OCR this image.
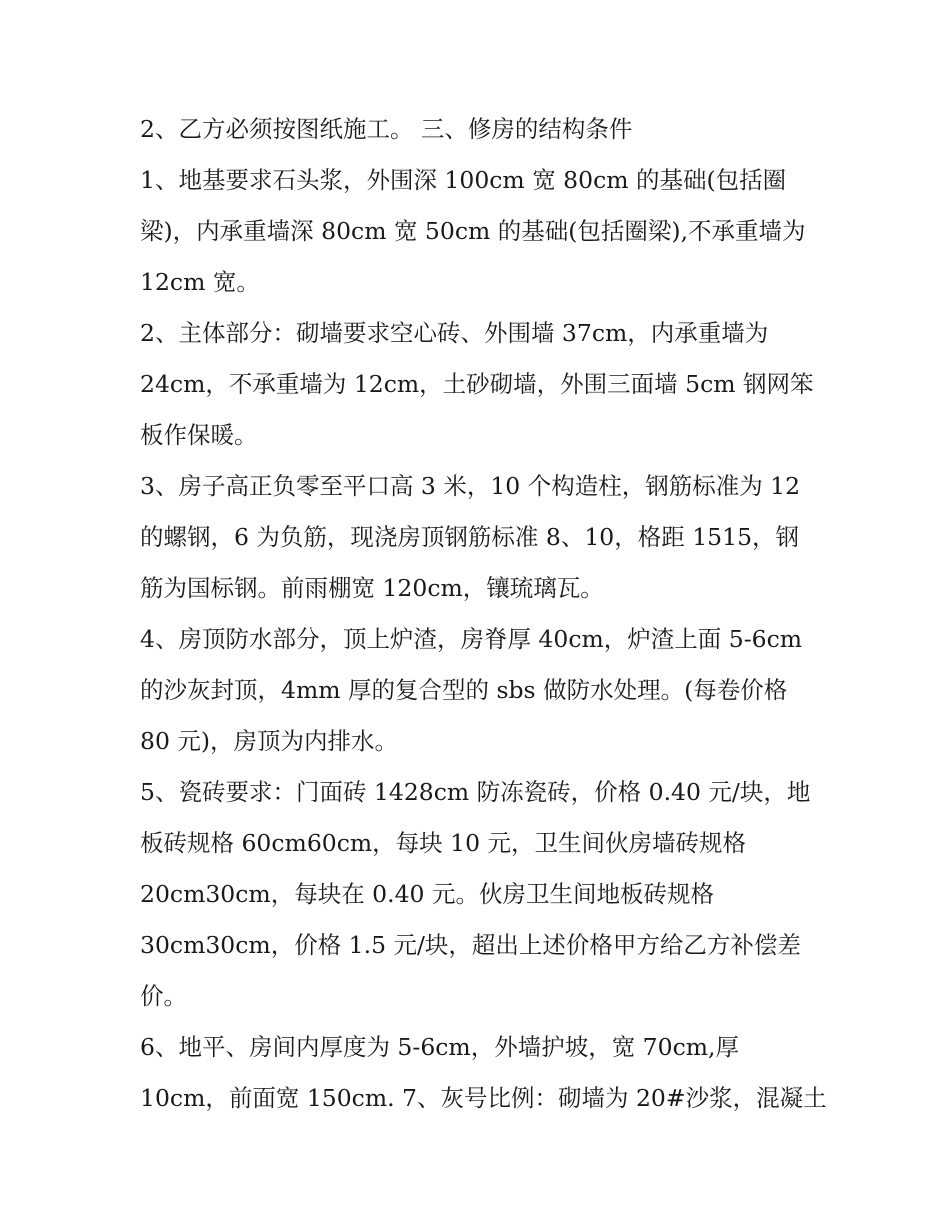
2、乙方必须按图纸施工。 三、修房的结构条件
1、地基要求石头浆，外围深 100cm 宽 80cm 的基础(包括圈
梁)，内承重墙深 80cm 宽 50cm 的基础(包括圈梁),不承重墙为
12cm 宽。
2、主体部分：砌墙要求空心砖、外围墙 37cm，内承重墙为
24cm，不承重墙为 12cm，土砂砌墙，外围三面墙 5cm 钢网笨
板作保暖。
3、房子高正负零至平口高 3 米，10 个构造柱，钢筋标准为 12
的螺钢，6 为负筋，现浇房顶钢筋标准 8、10，格距 1515，钢
筋为国标钢。前雨棚宽 120cm，镶琉璃瓦。
4、房顶防水部分，顶上炉渣，房脊厚 40cm，炉渣上面 5-6cm
的沙灰封顶，4mm 厚的复合型的 sbs 做防水处理。(每卷价格
80 元)，房顶为内排水。
5、瓷砖要求：门面砖 1428cm 防冻瓷砖，价格 0.40 元/块，地
板砖规格 60cm60cm，每块 10 元，卫生间伙房墙砖规格
20cm30cm，每块在 0.40 元。伙房卫生间地板砖规格
30cm30cm，价格 1.5 元/块，超出上述价格甲方给乙方补偿差
价。
6、地平、房间内厚度为 5-6cm，外墙护坡，宽 70cm,厚
10cm，前面宽 150cm. 7、灰号比例：砌墙为 20#沙浆，混凝土
